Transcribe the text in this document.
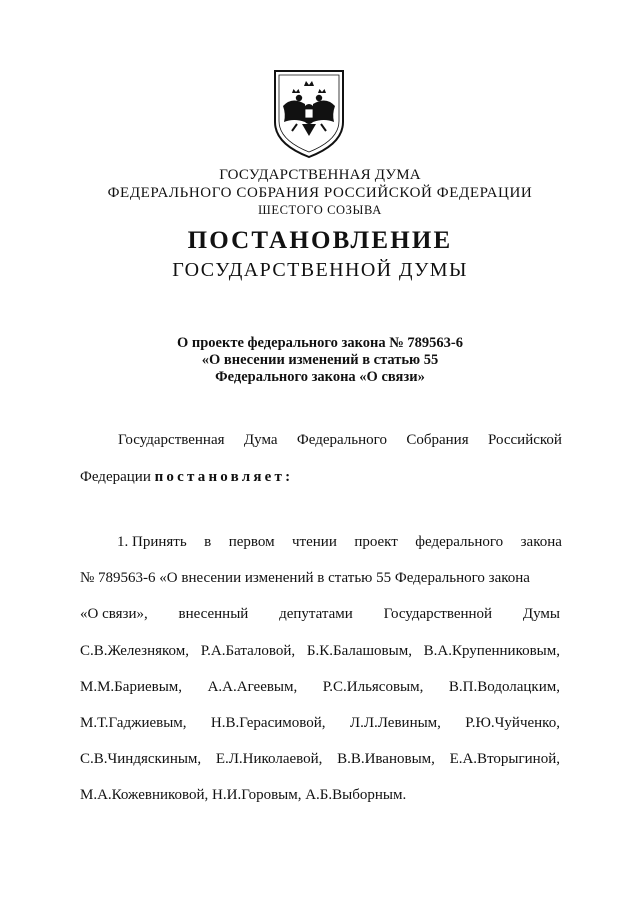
ГОСУДАРСТВЕННАЯ ДУМА
ФЕДЕРАЛЬНОГО СОБРАНИЯ РОССИЙСКОЙ ФЕДЕРАЦИИ
ШЕСТОГО СОЗЫВА
ПОСТАНОВЛЕНИЕ
ГОСУДАРСТВЕННОЙ ДУМЫ
О проекте федерального закона № 789563-6
«О внесении изменений в статью 55
Федерального закона «О связи»
Государственная Дума Федерального Собрания Российской
Федерации постановляет:
1. Принять в первом чтении проект федерального закона
№ 789563-6 «О внесении изменений в статью 55 Федерального закона
«О связи», внесенный депутатами Государственной Думы
С.В.Железняком, Р.А.Баталовой, Б.К.Балашовым, В.А.Крупенниковым,
М.М.Бариевым, А.А.Агеевым, Р.С.Ильясовым, В.П.Водолацким,
М.Т.Гаджиевым, Н.В.Герасимовой, Л.Л.Левиным, Р.Ю.Чуйченко,
С.В.Чиндяскиным, Е.Л.Николаевой, В.В.Ивановым, Е.А.Вторыгиной,
М.А.Кожевниковой, Н.И.Горовым, А.Б.Выборным.
